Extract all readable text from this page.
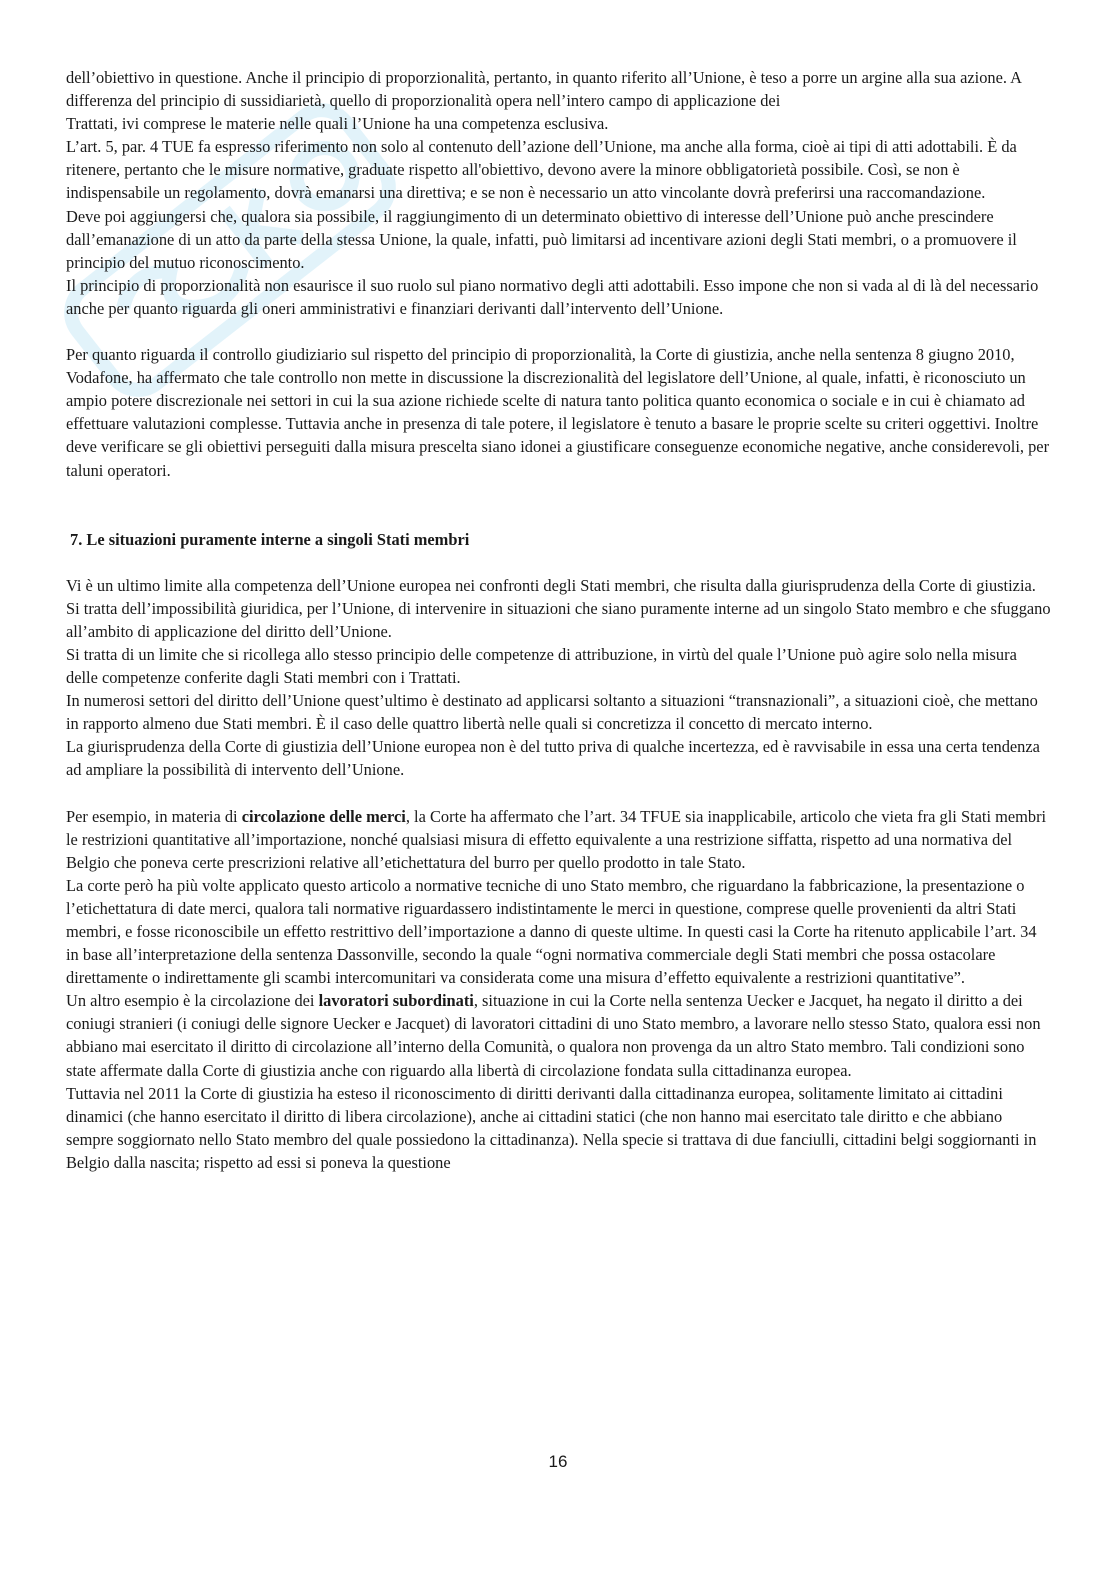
dell’obiettivo in questione. Anche il principio di proporzionalità, pertanto, in quanto riferito all’Unione, è teso a porre un argine alla sua azione. A differenza del principio di sussidiarietà, quello di proporzionalità opera nell’intero campo di applicazione dei

Trattati, ivi comprese le materie nelle quali l’Unione ha una competenza esclusiva.

L’art. 5, par. 4 TUE fa espresso riferimento non solo al contenuto dell’azione dell’Unione, ma anche alla forma, cioè ai tipi di atti adottabili. È da ritenere, pertanto che le misure normative, graduate rispetto all'obiettivo, devono avere la minore obbligatorietà possibile. Così, se non è indispensabile un regolamento, dovrà emanarsi una direttiva; e se non è necessario un atto vincolante dovrà preferirsi una raccomandazione.

Deve poi aggiungersi che, qualora sia possibile, il raggiungimento di un determinato obiettivo di interesse dell’Unione può anche prescindere dall’emanazione di un atto da parte della stessa Unione, la quale, infatti, può limitarsi ad incentivare azioni degli Stati membri, o a promuovere il principio del mutuo riconoscimento.

Il principio di proporzionalità non esaurisce il suo ruolo sul piano normativo degli atti adottabili. Esso impone che non si vada al di là del necessario anche per quanto riguarda gli oneri amministrativi e finanziari derivanti dall’intervento dell’Unione.

Per quanto riguarda il controllo giudiziario sul rispetto del principio di proporzionalità, la Corte di giustizia, anche nella sentenza 8 giugno 2010, Vodafone, ha affermato che tale controllo non mette in discussione la discrezionalità del legislatore dell’Unione, al quale, infatti, è riconosciuto un ampio potere discrezionale nei settori in cui la sua azione richiede scelte di natura tanto politica quanto economica o sociale e in cui è chiamato ad effettuare valutazioni complesse. Tuttavia anche in presenza di tale potere, il legislatore è tenuto a basare le proprie scelte su criteri oggettivi. Inoltre deve verificare se gli obiettivi perseguiti dalla misura prescelta siano idonei a giustificare conseguenze economiche negative, anche considerevoli, per taluni operatori.

7. Le situazioni puramente interne a singoli Stati membri

Vi è un ultimo limite alla competenza dell’Unione europea nei confronti degli Stati membri, che risulta dalla giurisprudenza della Corte di giustizia. Si tratta dell’impossibilità giuridica, per l’Unione, di intervenire in situazioni che siano puramente interne ad un singolo Stato membro e che sfuggano all’ambito di applicazione del diritto dell’Unione.

Si tratta di un limite che si ricollega allo stesso principio delle competenze di attribuzione, in virtù del quale l’Unione può agire solo nella misura delle competenze conferite dagli Stati membri con i Trattati.

In numerosi settori del diritto dell’Unione quest’ultimo è destinato ad applicarsi soltanto a situazioni “transnazionali”, a situazioni cioè, che mettano in rapporto almeno due Stati membri. È il caso delle quattro libertà nelle quali si concretizza il concetto di mercato interno.

La giurisprudenza della Corte di giustizia dell’Unione europea non è del tutto priva di qualche incertezza, ed è ravvisabile in essa una certa tendenza ad ampliare la possibilità di intervento dell’Unione.

Per esempio, in materia di circolazione delle merci, la Corte ha affermato che l’art. 34 TFUE sia inapplicabile, articolo che vieta fra gli Stati membri le restrizioni quantitative all’importazione, nonché qualsiasi misura di effetto equivalente a una restrizione siffatta, rispetto ad una normativa del Belgio che poneva certe prescrizioni relative all’etichettatura del burro per quello prodotto in tale Stato.

La corte però ha più volte applicato questo articolo a normative tecniche di uno Stato membro, che riguardano la fabbricazione, la presentazione o l’etichettatura di date merci, qualora tali normative riguardassero indistintamente le merci in questione, comprese quelle provenienti da altri Stati membri, e fosse riconoscibile un effetto restrittivo dell’importazione a danno di queste ultime. In questi casi la Corte ha ritenuto applicabile l’art. 34 in base all’interpretazione della sentenza Dassonville, secondo la quale “ogni normativa commerciale degli Stati membri che possa ostacolare direttamente o indirettamente gli scambi intercomunitari va considerata come una misura d’effetto equivalente a restrizioni quantitative”.

Un altro esempio è la circolazione dei lavoratori subordinati, situazione in cui la Corte nella sentenza Uecker e Jacquet, ha negato il diritto a dei coniugi stranieri (i coniugi delle signore Uecker e Jacquet) di lavoratori cittadini di uno Stato membro, a lavorare nello stesso Stato, qualora essi non abbiano mai esercitato il diritto di circolazione all’interno della Comunità, o qualora non provenga da un altro Stato membro. Tali condizioni sono state affermate dalla Corte di giustizia anche con riguardo alla libertà di circolazione fondata sulla cittadinanza europea.

Tuttavia nel 2011 la Corte di giustizia ha esteso il riconoscimento di diritti derivanti dalla cittadinanza europea, solitamente limitato ai cittadini dinamici (che hanno esercitato il diritto di libera circolazione), anche ai cittadini statici (che non hanno mai esercitato tale diritto e che abbiano sempre soggiornato nello Stato membro del quale possiedono la cittadinanza). Nella specie si trattava di due fanciulli, cittadini belgi soggiornanti in Belgio dalla nascita; rispetto ad essi si poneva la questione

16
